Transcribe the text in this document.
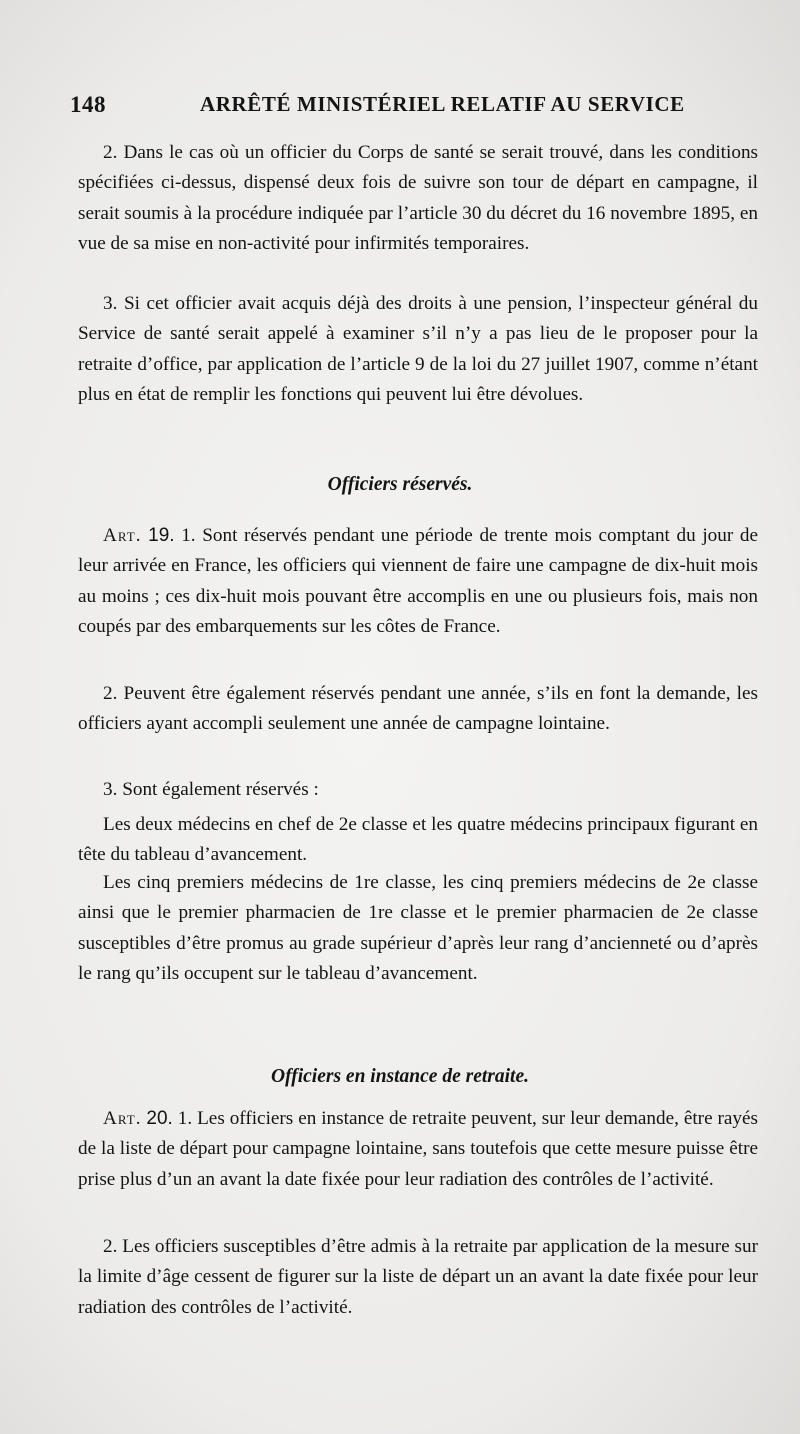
148	ARRÊTÉ MINISTÉRIEL RELATIF AU SERVICE

2. Dans le cas où un officier du Corps de santé se serait trouvé, dans les conditions spécifiées ci-dessus, dispensé deux fois de suivre son tour de départ en campagne, il serait soumis à la procédure indiquée par l’article 30 du décret du 16 novembre 1895, en vue de sa mise en non-activité pour infirmités temporaires.

3. Si cet officier avait acquis déjà des droits à une pension, l’inspecteur général du Service de santé serait appelé à examiner s’il n’y a pas lieu de le proposer pour la retraite d’office, par application de l’article 9 de la loi du 27 juillet 1907, comme n’étant plus en état de remplir les fonctions qui peuvent lui être dévolues.

Officiers réservés.

Art. 19. 1. Sont réservés pendant une période de trente mois comptant du jour de leur arrivée en France, les officiers qui viennent de faire une campagne de dix-huit mois au moins ; ces dix-huit mois pouvant être accomplis en une ou plusieurs fois, mais non coupés par des embarquements sur les côtes de France.

2. Peuvent être également réservés pendant une année, s’ils en font la demande, les officiers ayant accompli seulement une année de campagne lointaine.

3. Sont également réservés :

Les deux médecins en chef de 2e classe et les quatre médecins principaux figurant en tête du tableau d’avancement.

Les cinq premiers médecins de 1re classe, les cinq premiers médecins de 2e classe ainsi que le premier pharmacien de 1re classe et le premier pharmacien de 2e classe susceptibles d’être promus au grade supérieur d’après leur rang d’ancienneté ou d’après le rang qu’ils occupent sur le tableau d’avancement.

Officiers en instance de retraite.

Art. 20. 1. Les officiers en instance de retraite peuvent, sur leur demande, être rayés de la liste de départ pour campagne lointaine, sans toutefois que cette mesure puisse être prise plus d’un an avant la date fixée pour leur radiation des contrôles de l’activité.

2. Les officiers susceptibles d’être admis à la retraite par application de la mesure sur la limite d’âge cessent de figurer sur la liste de départ un an avant la date fixée pour leur radiation des contrôles de l’activité.
